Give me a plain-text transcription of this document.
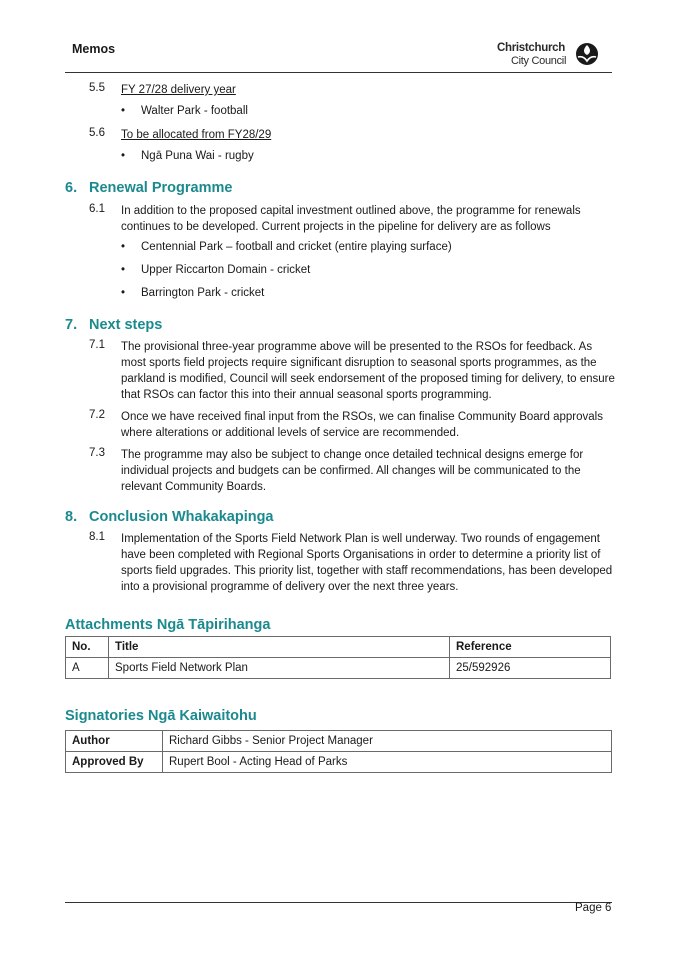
Memos	Christchurch
City Council
5.5 FY 27/28 delivery year
• Walter Park - football
5.6 To be allocated from FY28/29
• Ngā Puna Wai - rugby
6. Renewal Programme
6.1 In addition to the proposed capital investment outlined above, the programme for renewals continues to be developed. Current projects in the pipeline for delivery are as follows
• Centennial Park – football and cricket (entire playing surface)
• Upper Riccarton Domain - cricket
• Barrington Park - cricket
7. Next steps
7.1 The provisional three-year programme above will be presented to the RSOs for feedback. As most sports field projects require significant disruption to seasonal sports programmes, as the parkland is modified, Council will seek endorsement of the proposed timing for delivery, to ensure that RSOs can factor this into their annual seasonal sports programming.
7.2 Once we have received final input from the RSOs, we can finalise Community Board approvals where alterations or additional levels of service are recommended.
7.3 The programme may also be subject to change once detailed technical designs emerge for individual projects and budgets can be confirmed. All changes will be communicated to the relevant Community Boards.
8. Conclusion Whakakapinga
8.1 Implementation of the Sports Field Network Plan is well underway. Two rounds of engagement have been completed with Regional Sports Organisations in order to determine a priority list of sports field upgrades. This priority list, together with staff recommendations, has been developed into a provisional programme of delivery over the next three years.
Attachments Ngā Tāpirihanga
No.	Title	Reference
A	Sports Field Network Plan	25/592926
Signatories Ngā Kaiwaitohu
Author	Richard Gibbs - Senior Project Manager
Approved By	Rupert Bool - Acting Head of Parks
Page 6
